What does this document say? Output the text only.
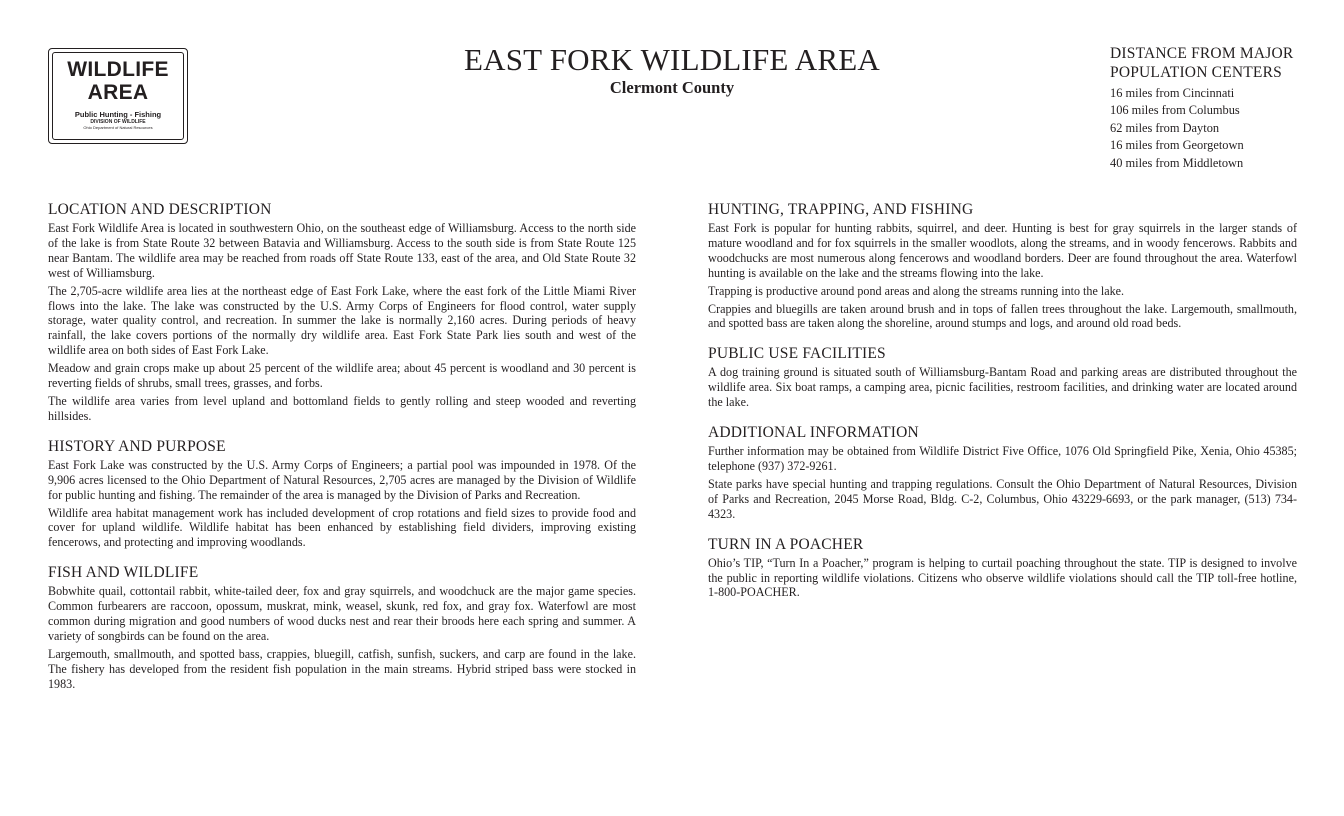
WILDLIFE
AREA
Public Hunting - Fishing
DIVISION OF WILDLIFE
Ohio Department of Natural Resources
EAST FORK WILDLIFE AREA
Clermont County
DISTANCE FROM MAJOR
POPULATION CENTERS
16 miles from Cincinnati
106 miles from Columbus
62 miles from Dayton
16 miles from Georgetown
40 miles from Middletown
LOCATION AND DESCRIPTION

East Fork Wildlife Area is located in southwestern Ohio, on the southeast edge of Williamsburg. Access to the north side of the lake is from State Route 32 between Batavia and Williamsburg. Access to the south side is from State Route 125 near Bantam. The wildlife area may be reached from roads off State Route 133, east of the area, and Old State Route 32 west of Williamsburg.

The 2,705-acre wildlife area lies at the northeast edge of East Fork Lake, where the east fork of the Little Miami River flows into the lake. The lake was constructed by the U.S. Army Corps of Engineers for flood control, water supply storage, water quality control, and recreation. In summer the lake is normally 2,160 acres. During periods of heavy rainfall, the lake covers portions of the normally dry wildlife area. East Fork State Park lies south and west of the wildlife area on both sides of East Fork Lake.

Meadow and grain crops make up about 25 percent of the wildlife area; about 45 percent is woodland and 30 percent is reverting fields of shrubs, small trees, grasses, and forbs.

The wildlife area varies from level upland and bottomland fields to gently rolling and steep wooded and reverting hillsides.

HISTORY AND PURPOSE

East Fork Lake was constructed by the U.S. Army Corps of Engineers; a partial pool was impounded in 1978. Of the 9,906 acres licensed to the Ohio Department of Natural Resources, 2,705 acres are managed by the Division of Wildlife for public hunting and fishing. The remainder of the area is managed by the Division of Parks and Recreation.

Wildlife area habitat management work has included development of crop rotations and field sizes to provide food and cover for upland wildlife. Wildlife habitat has been enhanced by establishing field dividers, improving existing fencerows, and protecting and improving woodlands.

FISH AND WILDLIFE

Bobwhite quail, cottontail rabbit, white-tailed deer, fox and gray squirrels, and woodchuck are the major game species. Common furbearers are raccoon, opossum, muskrat, mink, weasel, skunk, red fox, and gray fox. Waterfowl are most common during migration and good numbers of wood ducks nest and rear their broods here each spring and summer. A variety of songbirds can be found on the area.

Largemouth, smallmouth, and spotted bass, crappies, bluegill, catfish, sunfish, suckers, and carp are found in the lake. The fishery has developed from the resident fish population in the main streams. Hybrid striped bass were stocked in 1983.

HUNTING, TRAPPING, AND FISHING

East Fork is popular for hunting rabbits, squirrel, and deer. Hunting is best for gray squirrels in the larger stands of mature woodland and for fox squirrels in the smaller woodlots, along the streams, and in woody fencerows. Rabbits and woodchucks are most numerous along fencerows and woodland borders. Deer are found throughout the area. Waterfowl hunting is available on the lake and the streams flowing into the lake.

Trapping is productive around pond areas and along the streams running into the lake.

Crappies and bluegills are taken around brush and in tops of fallen trees throughout the lake. Largemouth, smallmouth, and spotted bass are taken along the shoreline, around stumps and logs, and around old road beds.

PUBLIC USE FACILITIES

A dog training ground is situated south of Williamsburg-Bantam Road and parking areas are distributed throughout the wildlife area. Six boat ramps, a camping area, picnic facilities, restroom facilities, and drinking water are located around the lake.

ADDITIONAL INFORMATION

Further information may be obtained from Wildlife District Five Office, 1076 Old Springfield Pike, Xenia, Ohio 45385; telephone (937) 372-9261.

State parks have special hunting and trapping regulations. Consult the Ohio Department of Natural Resources, Division of Parks and Recreation, 2045 Morse Road, Bldg. C-2, Columbus, Ohio 43229-6693, or the park manager, (513) 734-4323.

TURN IN A POACHER

Ohio’s TIP, “Turn In a Poacher,” program is helping to curtail poaching throughout the state. TIP is designed to involve the public in reporting wildlife violations. Citizens who observe wildlife violations should call the TIP toll-free hotline, 1-800-POACHER.
